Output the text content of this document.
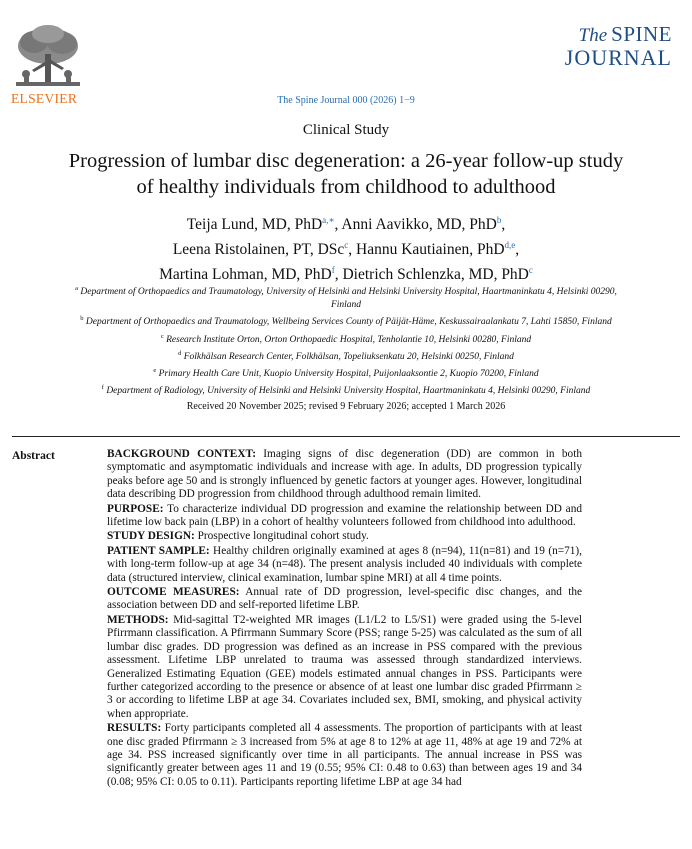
ELSEVIER	The Spine Journal 000 (2026) 1−9
The SPINE
JOURNAL
Clinical Study
Progression of lumbar disc degeneration: a 26-year follow-up study of healthy individuals from childhood to adulthood
Teija Lund, MD, PhD$^{a,∗}$, Anni Aavikko, MD, PhD$^b$,
Leena Ristolainen, PT, DSc$^c$, Hannu Kautiainen, PhD$^{d,e}$,
Martina Lohman, MD, PhD$^f$, Dietrich Schlenzka, MD, PhD$^c$
$^a$ Department of Orthopaedics and Traumatology, University of Helsinki and Helsinki University Hospital, Haartmaninkatu 4, Helsinki 00290, Finland
$^b$ Department of Orthopaedics and Traumatology, Wellbeing Services County of Päijät-Häme, Keskussairaalankatu 7, Lahti 15850, Finland
$^c$ Research Institute Orton, Orton Orthopaedic Hospital, Tenholantie 10, Helsinki 00280, Finland
$^d$ Folkhälsan Research Center, Folkhälsan, Topeliuksenkatu 20, Helsinki 00250, Finland
$^e$ Primary Health Care Unit, Kuopio University Hospital, Puijonlaaksontie 2, Kuopio 70200, Finland
$^f$ Department of Radiology, University of Helsinki and Helsinki University Hospital, Haartmaninkatu 4, Helsinki 00290, Finland
Received 20 November 2025; revised 9 February 2026; accepted 1 March 2026
Abstract	BACKGROUND CONTEXT: Imaging signs of disc degeneration (DD) are common in both symptomatic and asymptomatic individuals and increase with age. In adults, DD progression typically peaks before age 50 and is strongly influenced by genetic factors at younger ages. However, longitudinal data describing DD progression from childhood through adulthood remain limited.

PURPOSE: To characterize individual DD progression and examine the relationship between DD and lifetime low back pain (LBP) in a cohort of healthy volunteers followed from childhood into adulthood.

STUDY DESIGN: Prospective longitudinal cohort study.

PATIENT SAMPLE: Healthy children originally examined at ages 8 (n=94), 11(n=81) and 19 (n=71), with long-term follow-up at age 34 (n=48). The present analysis included 40 individuals with complete data (structured interview, clinical examination, lumbar spine MRI) at all 4 time points.

OUTCOME MEASURES: Annual rate of DD progression, level-specific disc changes, and the association between DD and self-reported lifetime LBP.

METHODS: Mid-sagittal T2-weighted MR images (L1/L2 to L5/S1) were graded using the 5-level Pfirrmann classification. A Pfirrmann Summary Score (PSS; range 5-25) was calculated as the sum of all lumbar disc grades. DD progression was defined as an increase in PSS compared with the previous assessment. Lifetime LBP unrelated to trauma was assessed through standardized interviews. Generalized Estimating Equation (GEE) models estimated annual changes in PSS. Participants were further categorized according to the presence or absence of at least one lumbar disc graded Pfirrmann ≥ 3 or according to lifetime LBP at age 34. Covariates included sex, BMI, smoking, and physical activity when appropriate.

RESULTS: Forty participants completed all 4 assessments. The proportion of participants with at least one disc graded Pfirrmann ≥ 3 increased from 5% at age 8 to 12% at age 11, 48% at age 19 and 72% at age 34. PSS increased significantly over time in all participants. The annual increase in PSS was significantly greater between ages 11 and 19 (0.55; 95% CI: 0.48 to 0.63) than between ages 19 and 34 (0.08; 95% CI: 0.05 to 0.11). Participants reporting lifetime LBP at age 34 had
